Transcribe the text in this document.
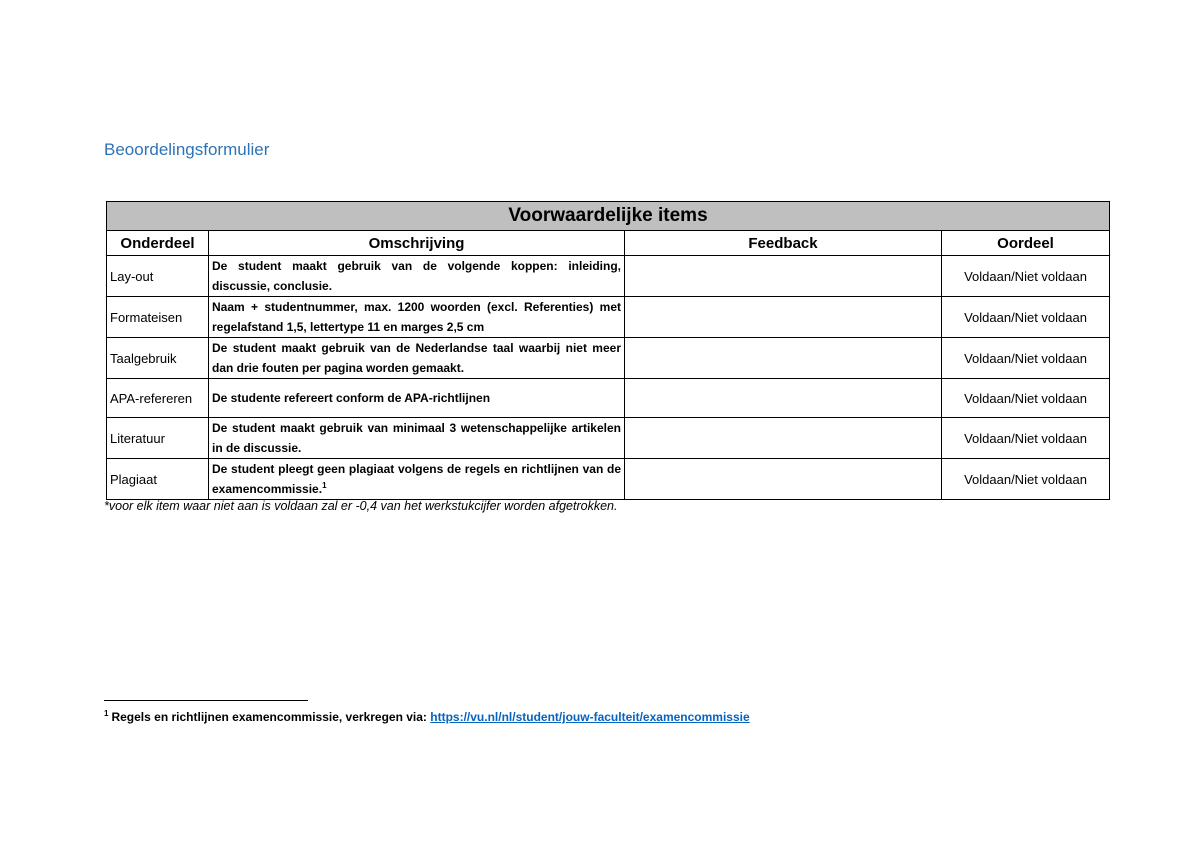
Beoordelingsformulier
Voorwaardelijke items			
Onderdeel	Omschrijving	Feedback	Oordeel
Lay-out	De student maakt gebruik van de volgende koppen: inleiding, discussie, conclusie.		Voldaan/Niet voldaan
Formateisen	Naam + studentnummer, max. 1200 woorden (excl. Referenties) met regelafstand 1,5, lettertype 11 en marges 2,5 cm		Voldaan/Niet voldaan
Taalgebruik	De student maakt gebruik van de Nederlandse taal waarbij niet meer dan drie fouten per pagina worden gemaakt.		Voldaan/Niet voldaan
APA-refereren	De studente refereert conform de APA-richtlijnen		Voldaan/Niet voldaan
Literatuur	De student maakt gebruik van minimaal 3 wetenschappelijke artikelen in de discussie.		Voldaan/Niet voldaan
Plagiaat	De student pleegt geen plagiaat volgens de regels en richtlijnen van de examencommissie.$^1$		Voldaan/Niet voldaan
*voor elk item waar niet aan is voldaan zal er -0,4 van het werkstukcijfer worden afgetrokken.
$^1$ Regels en richtlijnen examencommissie, verkregen via: https://vu.nl/nl/student/jouw-faculteit/examencommissie
